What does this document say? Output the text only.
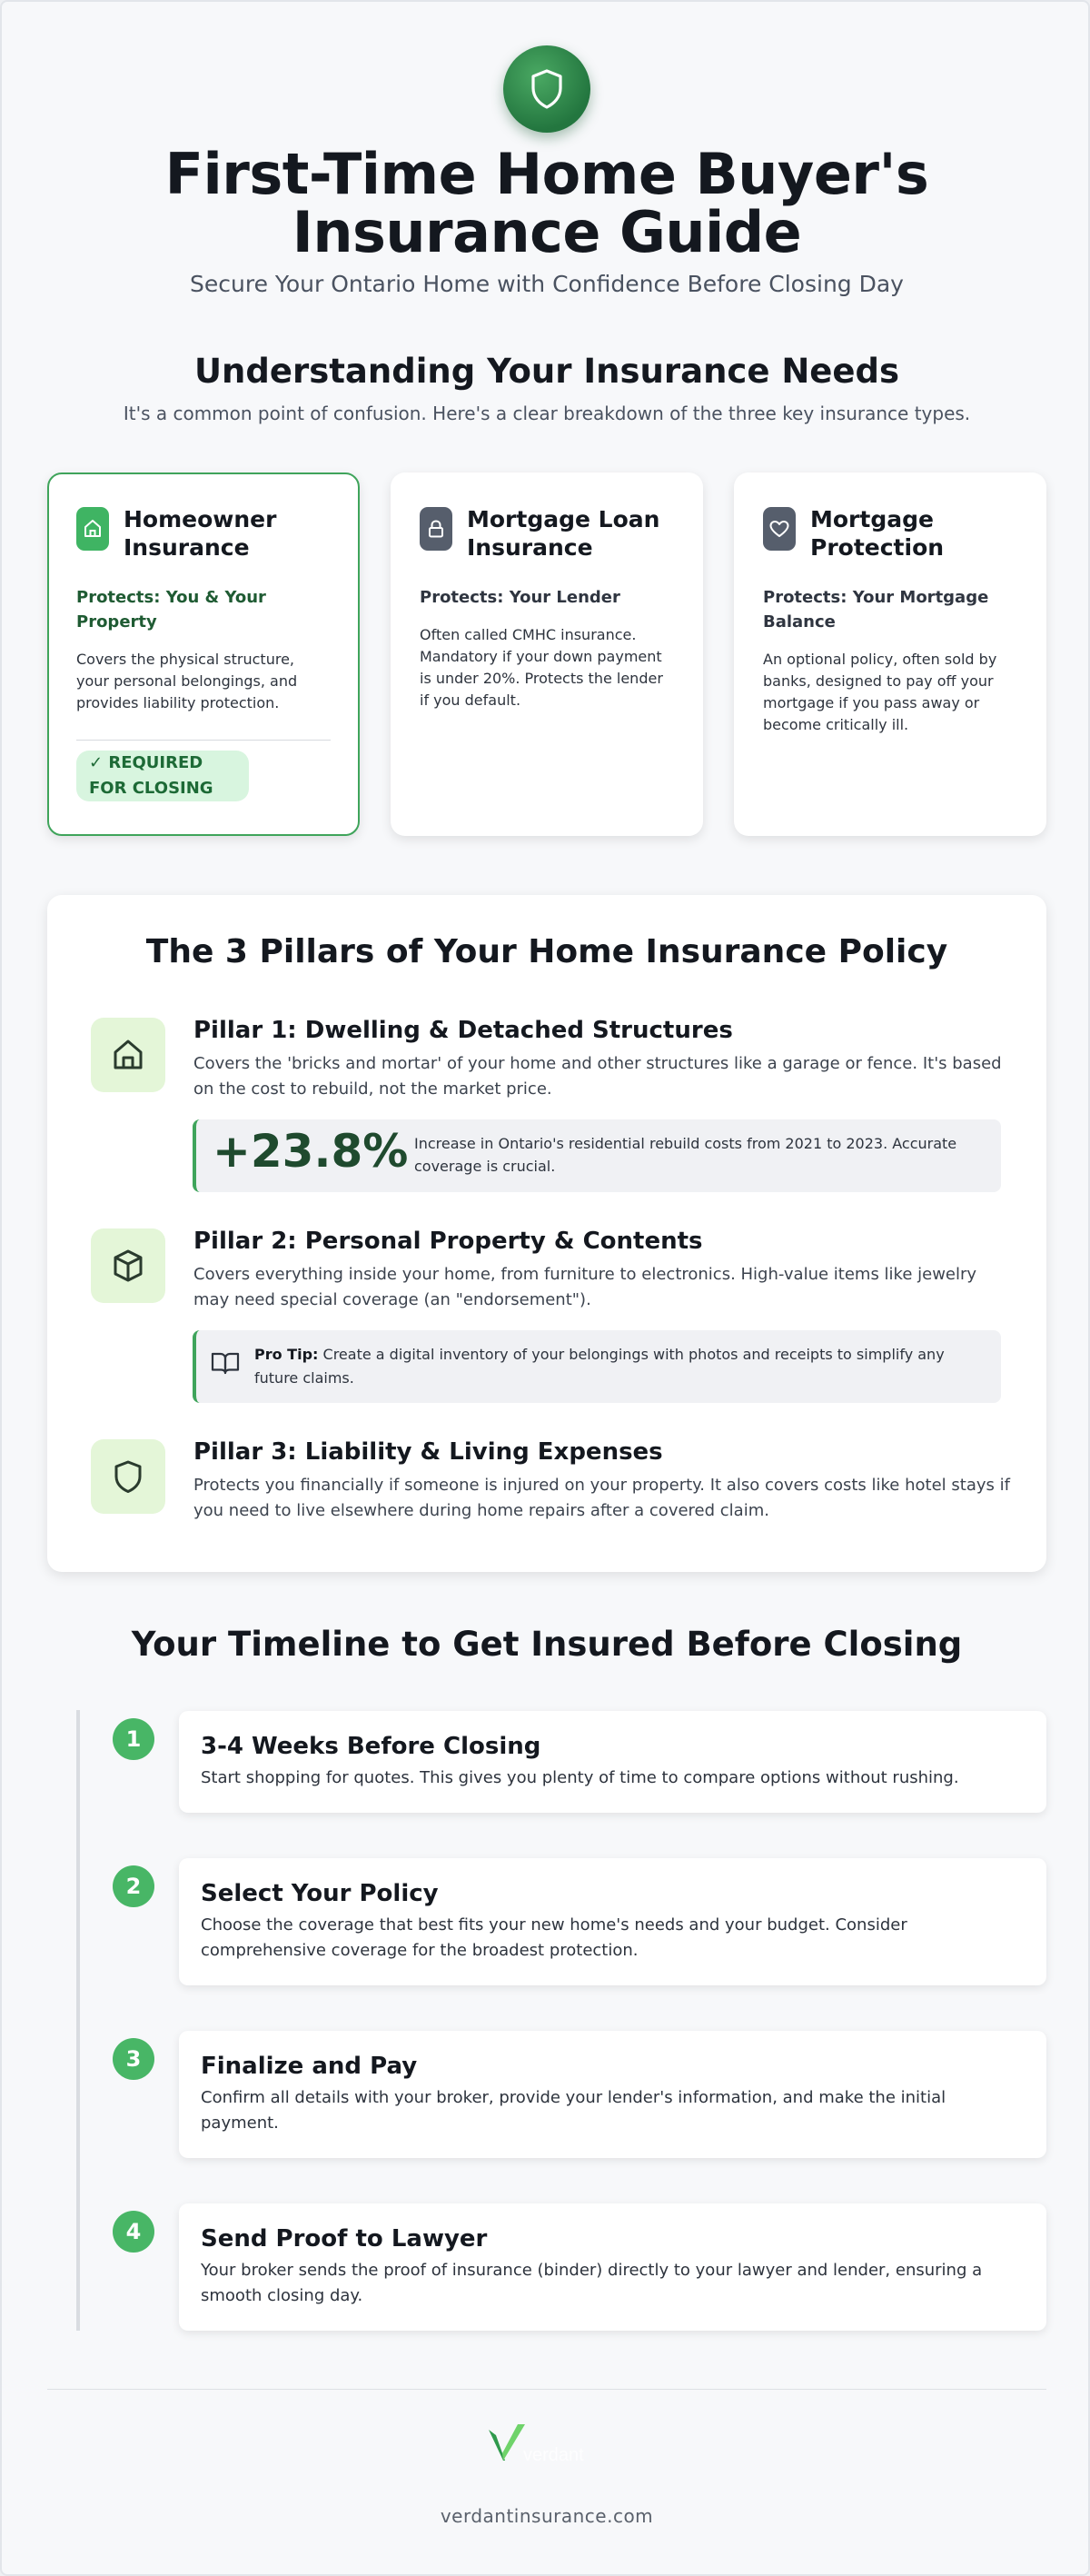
First-Time Home Buyer's
Insurance Guide
Secure Your Ontario Home with Confidence Before Closing Day
Understanding Your Insurance Needs
It's a common point of confusion. Here's a clear breakdown of the three key insurance types.
Homeowner Insurance
Protects: You & Your Property
Covers the physical structure, your personal belongings, and provides liability protection.
✓ REQUIRED FOR CLOSING
Mortgage Loan Insurance
Protects: Your Lender
Often called CMHC insurance. Mandatory if your down payment is under 20%. Protects the lender if you default.
Mortgage Protection
Protects: Your Mortgage Balance
An optional policy, often sold by banks, designed to pay off your mortgage if you pass away or become critically ill.
The 3 Pillars of Your Home Insurance Policy
Pillar 1: Dwelling & Detached Structures
Covers the 'bricks and mortar' of your home and other structures like a garage or fence. It's based on the cost to rebuild, not the market price.
+23.8% Increase in Ontario's residential rebuild costs from 2021 to 2023. Accurate coverage is crucial.
Pillar 2: Personal Property & Contents
Covers everything inside your home, from furniture to electronics. High-value items like jewelry may need special coverage (an "endorsement").
Pro Tip: Create a digital inventory of your belongings with photos and receipts to simplify any future claims.
Pillar 3: Liability & Living Expenses
Protects you financially if someone is injured on your property. It also covers costs like hotel stays if you need to live elsewhere during home repairs after a covered claim.
Your Timeline to Get Insured Before Closing
1	3-4 Weeks Before Closing
Start shopping for quotes. This gives you plenty of time to compare options without rushing.
2	Select Your Policy
Choose the coverage that best fits your new home's needs and your budget. Consider comprehensive coverage for the broadest protection.
3	Finalize and Pay
Confirm all details with your broker, provide your lender's information, and make the initial payment.
4	Send Proof to Lawyer
Your broker sends the proof of insurance (binder) directly to your lawyer and lender, ensuring a smooth closing day.
verdant
verdantinsurance.com
